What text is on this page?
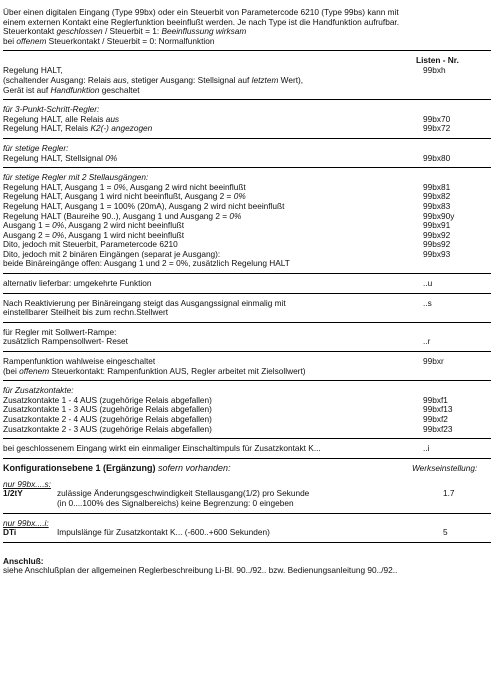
Über einen digitalen Eingang (Type 99bx) oder ein Steuerbit von Parametercode 6210 (Type 99bs) kann mit
einem externen Kontakt eine Reglerfunktion beeinflußt werden. Je nach Type ist die Handfunktion aufrufbar.
Steuerkontakt geschlossen / Steuerbit = 1: Beeinflussung wirksam
bei offenem Steuerkontakt / Steuerbit = 0: Normalfunktion
Listen - Nr.
Regelung HALT,	99bxh
(schaltender Ausgang: Relais aus, stetiger Ausgang: Stellsignal auf letztem Wert),
Gerät ist auf Handfunktion geschaltet
für 3-Punkt-Schritt-Regler:
Regelung HALT, alle Relais aus	99bx70
Regelung HALT, Relais K2(-) angezogen	99bx72
für stetige Regler:
Regelung HALT, Stellsignal 0%	99bx80
für stetige Regler mit 2 Stellausgängen:
Regelung HALT, Ausgang 1 = 0%, Ausgang 2 wird nicht beeinflußt	99bx81
Regelung HALT, Ausgang 1 wird nicht beeinflußt, Ausgang 2 = 0%	99bx82
Regelung HALT, Ausgang 1 = 100% (20mA), Ausgang 2 wird nicht beeinflußt	99bx83
Regelung HALT (Baureihe 90..), Ausgang 1 und Ausgang 2 = 0%	99bx90y
Ausgang 1 = 0%, Ausgang 2 wird nicht beeinflußt	99bx91
Ausgang 2 = 0%, Ausgang 1 wird nicht beeinflußt	99bx92
Dito, jedoch mit Steuerbit, Parametercode 6210	99bs92
Dito, jedoch mit 2 binären Eingängen (separat je Ausgang):	99bx93
beide Binäreingänge offen: Ausgang 1 und 2 = 0%, zusätzlich Regelung HALT
alternativ lieferbar: umgekehrte Funktion	..u
Nach Reaktivierung per Binäreingang steigt das Ausgangssignal einmalig mit	..s
einstellbarer Steilheit bis zum rechn.Stellwert
für Regler mit Sollwert-Rampe:
zusätzlich Rampensollwert- Reset	..r
Rampenfunktion wahlweise eingeschaltet	99bxr
(bei offenem Steuerkontakt: Rampenfunktion AUS, Regler arbeitet mit Zielsollwert)
für Zusatzkontakte:
Zusatzkontakte 1 - 4 AUS (zugehörige Relais abgefallen)	99bxf1
Zusatzkontakte 1 - 3 AUS (zugehörige Relais abgefallen)	99bxf13
Zusatzkontakte 2 - 4 AUS (zugehörige Relais abgefallen)	99bxf2
Zusatzkontakte 2 - 3 AUS (zugehörige Relais abgefallen)	99bxf23
bei geschlossenem Eingang wirkt ein einmaliger Einschaltimpuls für Zusatzkontakt K...	..i
Konfigurationsebene 1 (Ergänzung) sofern vorhanden:	Werkseinstellung:
nur 99bx....s:
1/2tY	zulässige Änderungsgeschwindigkeit Stellausgang(1/2) pro Sekunde	1.7
(in 0....100% des Signalbereichs) keine Begrenzung: 0 eingeben
nur 99bx....i:
DTi	Impulslänge für Zusatzkontakt K... (-600..+600 Sekunden)	5
Anschluß:
siehe Anschlußplan der allgemeinen Reglerbeschreibung Li-Bl. 90../92.. bzw. Bedienungsanleitung 90../92..
